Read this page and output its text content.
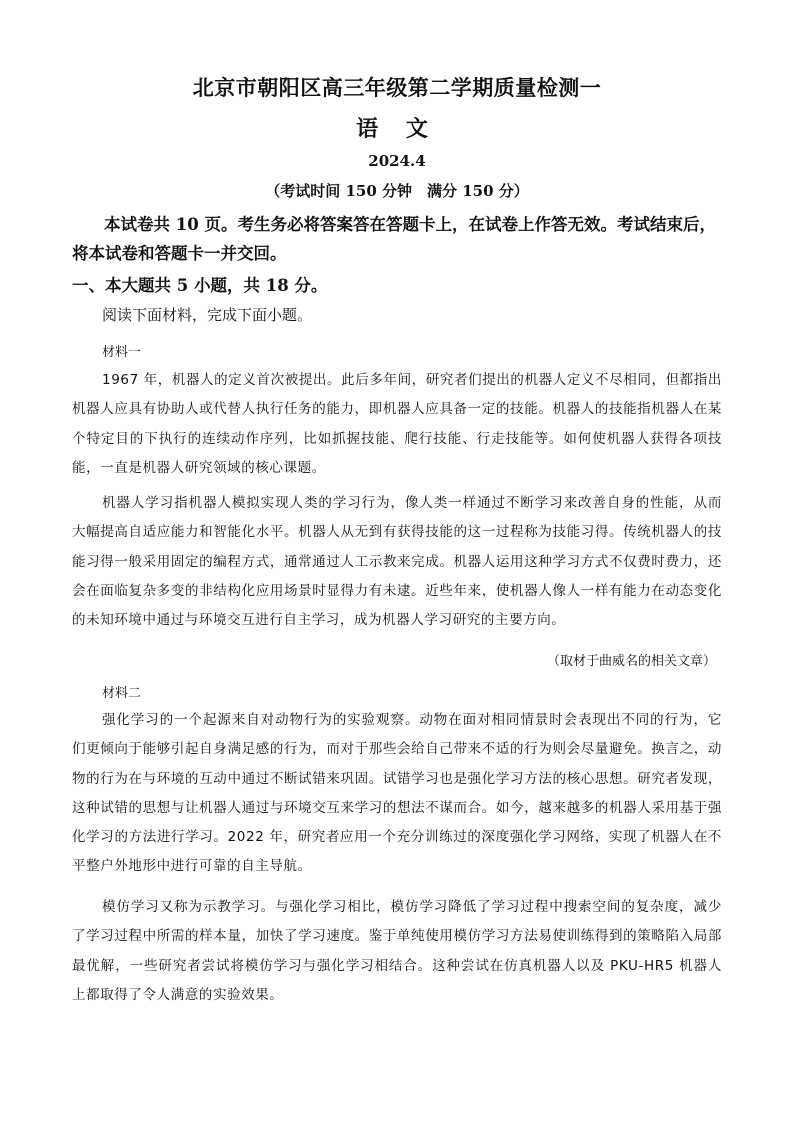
北京市朝阳区高三年级第二学期质量检测一
语 文
2024.4
（考试时间 150 分钟　满分 150 分）
本试卷共 10 页。考生务必将答案答在答题卡上，在试卷上作答无效。考试结束后，将本试卷和答题卡一并交回。
一、本大题共 5 小题，共 18 分。
阅读下面材料，完成下面小题。
材料一
1967 年，机器人的定义首次被提出。此后多年间，研究者们提出的机器人定义不尽相同，但都指出机器人应具有协助人或代替人执行任务的能力，即机器人应具备一定的技能。机器人的技能指机器人在某个特定目的下执行的连续动作序列，比如抓握技能、爬行技能、行走技能等。如何使机器人获得各项技能，一直是机器人研究领域的核心课题。
机器人学习指机器人模拟实现人类的学习行为，像人类一样通过不断学习来改善自身的性能，从而大幅提高自适应能力和智能化水平。机器人从无到有获得技能的这一过程称为技能习得。传统机器人的技能习得一般采用固定的编程方式，通常通过人工示教来完成。机器人运用这种学习方式不仅费时费力，还会在面临复杂多变的非结构化应用场景时显得力有未逮。近些年来，使机器人像人一样有能力在动态变化的未知环境中通过与环境交互进行自主学习，成为机器人学习研究的主要方向。
（取材于曲威名的相关文章）
材料二
强化学习的一个起源来自对动物行为的实验观察。动物在面对相同情景时会表现出不同的行为，它们更倾向于能够引起自身满足感的行为，而对于那些会给自己带来不适的行为则会尽量避免。换言之，动物的行为在与环境的互动中通过不断试错来巩固。试错学习也是强化学习方法的核心思想。研究者发现，这种试错的思想与让机器人通过与环境交互来学习的想法不谋而合。如今，越来越多的机器人采用基于强化学习的方法进行学习。2022 年，研究者应用一个充分训练过的深度强化学习网络，实现了机器人在不平整户外地形中进行可靠的自主导航。
模仿学习又称为示教学习。与强化学习相比，模仿学习降低了学习过程中搜索空间的复杂度，减少了学习过程中所需的样本量，加快了学习速度。鉴于单纯使用模仿学习方法易使训练得到的策略陷入局部最优解，一些研究者尝试将模仿学习与强化学习相结合。这种尝试在仿真机器人以及 PKU-HR5 机器人上都取得了令人满意的实验效果。
